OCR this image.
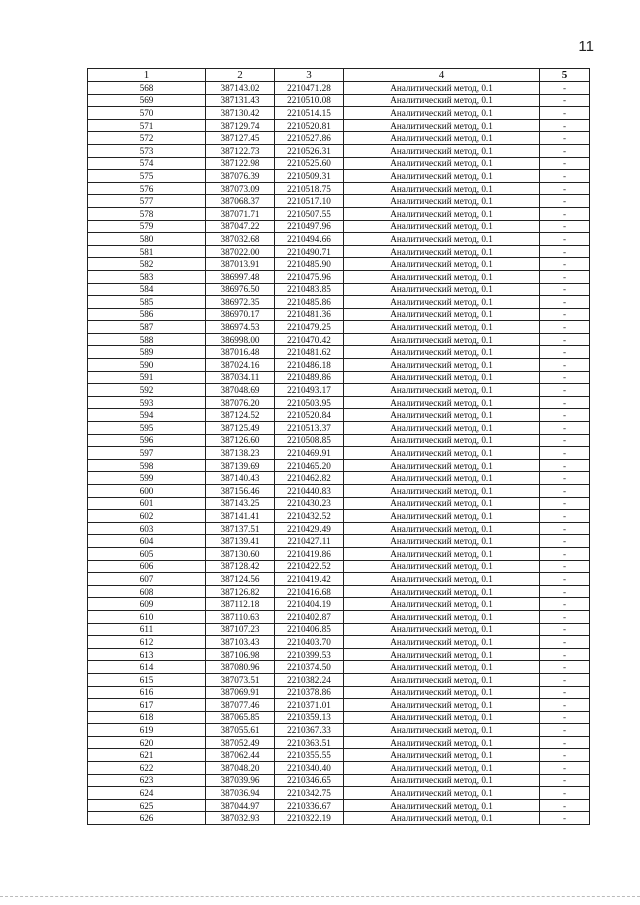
11
1	2	3	4	5
568	387143.02	2210471.28	Аналитический метод, 0.1	-
569	387131.43	2210510.08	Аналитический метод, 0.1	-
570	387130.42	2210514.15	Аналитический метод, 0.1	-
571	387129.74	2210520.81	Аналитический метод, 0.1	-
572	387127.45	2210527.86	Аналитический метод, 0.1	-
573	387122.73	2210526.31	Аналитический метод, 0.1	-
574	387122.98	2210525.60	Аналитический метод, 0.1	-
575	387076.39	2210509.31	Аналитический метод, 0.1	-
576	387073.09	2210518.75	Аналитический метод, 0.1	-
577	387068.37	2210517.10	Аналитический метод, 0.1	-
578	387071.71	2210507.55	Аналитический метод, 0.1	-
579	387047.22	2210497.96	Аналитический метод, 0.1	-
580	387032.68	2210494.66	Аналитический метод, 0.1	-
581	387022.00	2210490.71	Аналитический метод, 0.1	-
582	387013.91	2210485.90	Аналитический метод, 0.1	-
583	386997.48	2210475.96	Аналитический метод, 0.1	-
584	386976.50	2210483.85	Аналитический метод, 0.1	-
585	386972.35	2210485.86	Аналитический метод, 0.1	-
586	386970.17	2210481.36	Аналитический метод, 0.1	-
587	386974.53	2210479.25	Аналитический метод, 0.1	-
588	386998.00	2210470.42	Аналитический метод, 0.1	-
589	387016.48	2210481.62	Аналитический метод, 0.1	-
590	387024.16	2210486.18	Аналитический метод, 0.1	-
591	387034.11	2210489.86	Аналитический метод, 0.1	-
592	387048.69	2210493.17	Аналитический метод, 0.1	-
593	387076.20	2210503.95	Аналитический метод, 0.1	-
594	387124.52	2210520.84	Аналитический метод, 0.1	-
595	387125.49	2210513.37	Аналитический метод, 0.1	-
596	387126.60	2210508.85	Аналитический метод, 0.1	-
597	387138.23	2210469.91	Аналитический метод, 0.1	-
598	387139.69	2210465.20	Аналитический метод, 0.1	-
599	387140.43	2210462.82	Аналитический метод, 0.1	-
600	387156.46	2210440.83	Аналитический метод, 0.1	-
601	387143.25	2210430.23	Аналитический метод, 0.1	-
602	387141.41	2210432.52	Аналитический метод, 0.1	-
603	387137.51	2210429.49	Аналитический метод, 0.1	-
604	387139.41	2210427.11	Аналитический метод, 0.1	-
605	387130.60	2210419.86	Аналитический метод, 0.1	-
606	387128.42	2210422.52	Аналитический метод, 0.1	-
607	387124.56	2210419.42	Аналитический метод, 0.1	-
608	387126.82	2210416.68	Аналитический метод, 0.1	-
609	387112.18	2210404.19	Аналитический метод, 0.1	-
610	387110.63	2210402.87	Аналитический метод, 0.1	-
611	387107.23	2210406.85	Аналитический метод, 0.1	-
612	387103.43	2210403.70	Аналитический метод, 0.1	-
613	387106.98	2210399.53	Аналитический метод, 0.1	-
614	387080.96	2210374.50	Аналитический метод, 0.1	-
615	387073.51	2210382.24	Аналитический метод, 0.1	-
616	387069.91	2210378.86	Аналитический метод, 0.1	-
617	387077.46	2210371.01	Аналитический метод, 0.1	-
618	387065.85	2210359.13	Аналитический метод, 0.1	-
619	387055.61	2210367.33	Аналитический метод, 0.1	-
620	387052.49	2210363.51	Аналитический метод, 0.1	-
621	387062.44	2210355.55	Аналитический метод, 0.1	-
622	387048.20	2210340.40	Аналитический метод, 0.1	-
623	387039.96	2210346.65	Аналитический метод, 0.1	-
624	387036.94	2210342.75	Аналитический метод, 0.1	-
625	387044.97	2210336.67	Аналитический метод, 0.1	-
626	387032.93	2210322.19	Аналитический метод, 0.1	-
